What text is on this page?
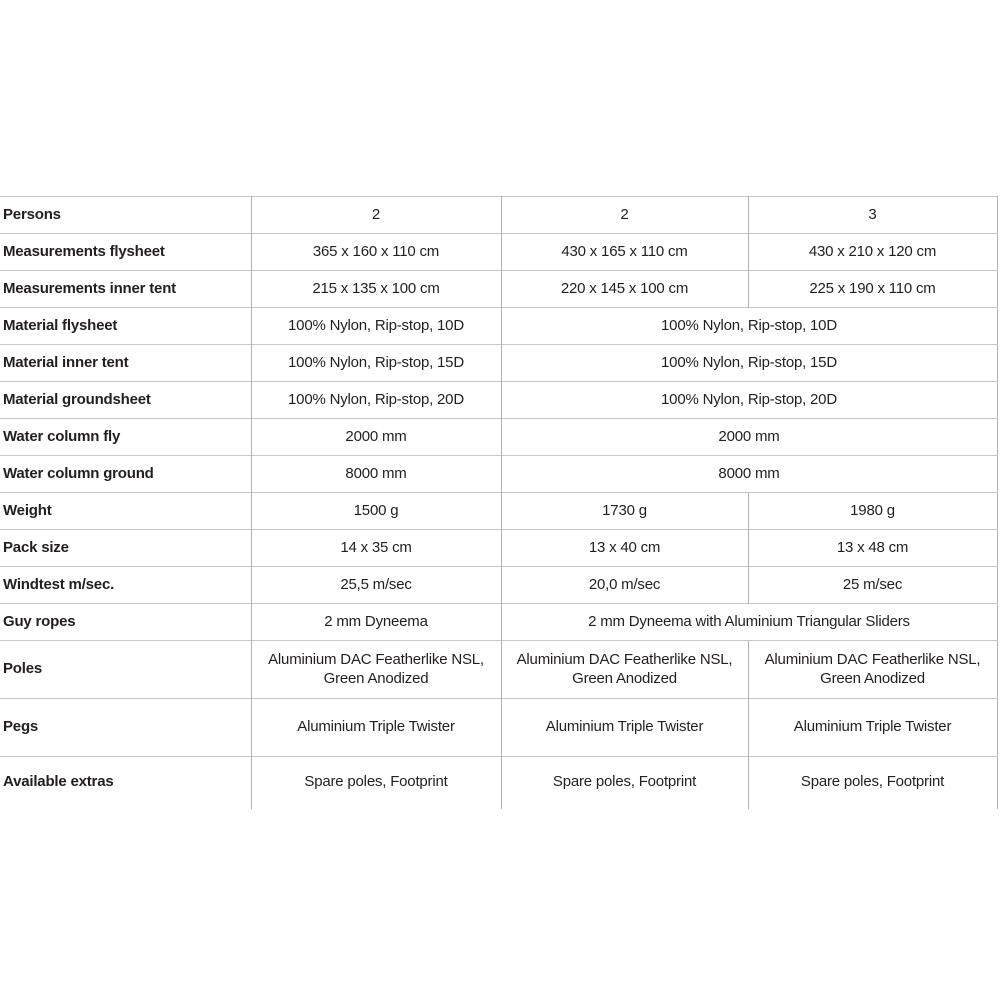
Persons	2	2	3
Measurements flysheet	365 x 160 x 110 cm	430 x 165 x 110 cm	430 x 210 x 120 cm
Measurements inner tent	215 x 135 x 100 cm	220 x 145 x 100 cm	225 x 190 x 110 cm
Material flysheet	100% Nylon, Rip-stop, 10D	100% Nylon, Rip-stop, 10D	
Material inner tent	100% Nylon, Rip-stop, 15D	100% Nylon, Rip-stop, 15D	
Material groundsheet	100% Nylon, Rip-stop, 20D	100% Nylon, Rip-stop, 20D	
Water column fly	2000 mm	2000 mm	
Water column ground	8000 mm	8000 mm	
Weight	1500 g	1730 g	1980 g
Pack size	14 x 35 cm	13 x 40 cm	13 x 48 cm
Windtest m/sec.	25,5 m/sec	20,0 m/sec	25 m/sec
Guy ropes	2 mm Dyneema	2 mm Dyneema with Aluminium Triangular Sliders	
Poles	Aluminium DAC Featherlike NSL, Green Anodized	Aluminium DAC Featherlike NSL, Green Anodized	Aluminium DAC Featherlike NSL, Green Anodized
Pegs	Aluminium Triple Twister	Aluminium Triple Twister	Aluminium Triple Twister
Available extras	Spare poles, Footprint	Spare poles, Footprint	Spare poles, Footprint
